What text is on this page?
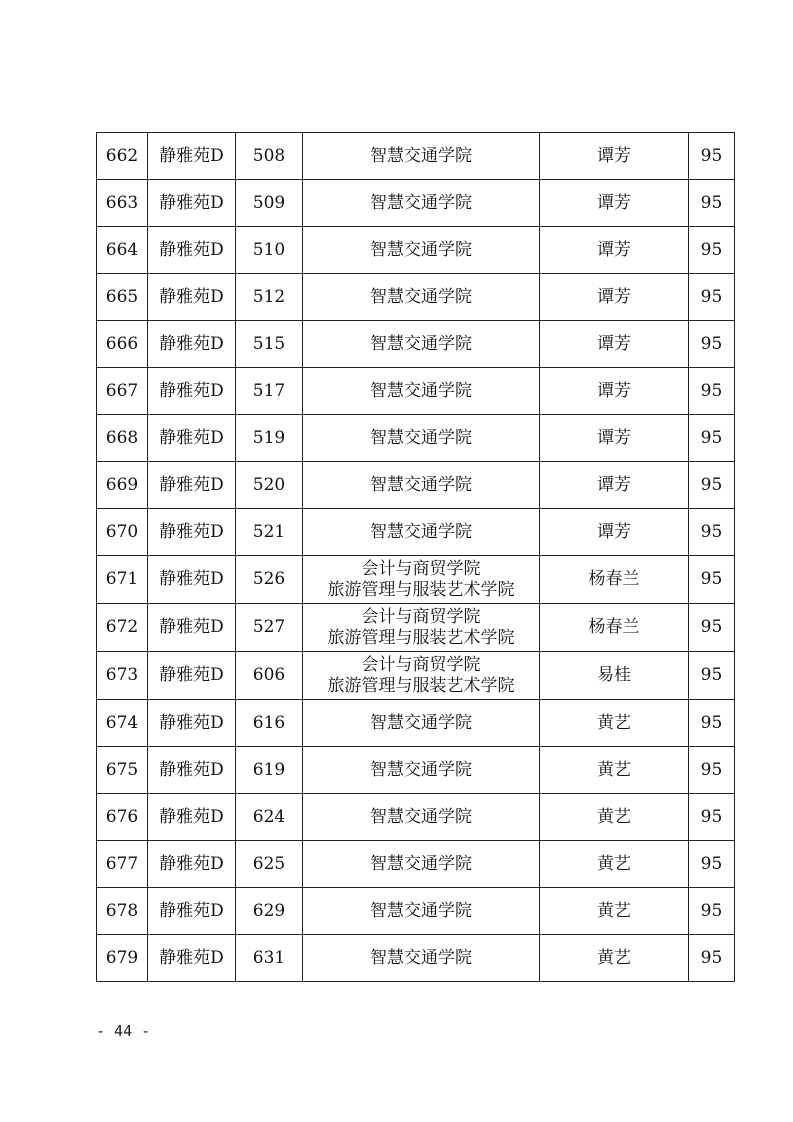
662	静雅苑D	508	智慧交通学院	谭芳	95
663	静雅苑D	509	智慧交通学院	谭芳	95
664	静雅苑D	510	智慧交通学院	谭芳	95
665	静雅苑D	512	智慧交通学院	谭芳	95
666	静雅苑D	515	智慧交通学院	谭芳	95
667	静雅苑D	517	智慧交通学院	谭芳	95
668	静雅苑D	519	智慧交通学院	谭芳	95
669	静雅苑D	520	智慧交通学院	谭芳	95
670	静雅苑D	521	智慧交通学院	谭芳	95
671	静雅苑D	526	会计与商贸学院
旅游管理与服装艺术学院	杨春兰	95
672	静雅苑D	527	会计与商贸学院
旅游管理与服装艺术学院	杨春兰	95
673	静雅苑D	606	会计与商贸学院
旅游管理与服装艺术学院	易桂	95
674	静雅苑D	616	智慧交通学院	黄艺	95
675	静雅苑D	619	智慧交通学院	黄艺	95
676	静雅苑D	624	智慧交通学院	黄艺	95
677	静雅苑D	625	智慧交通学院	黄艺	95
678	静雅苑D	629	智慧交通学院	黄艺	95
679	静雅苑D	631	智慧交通学院	黄艺	95
- 44 -
